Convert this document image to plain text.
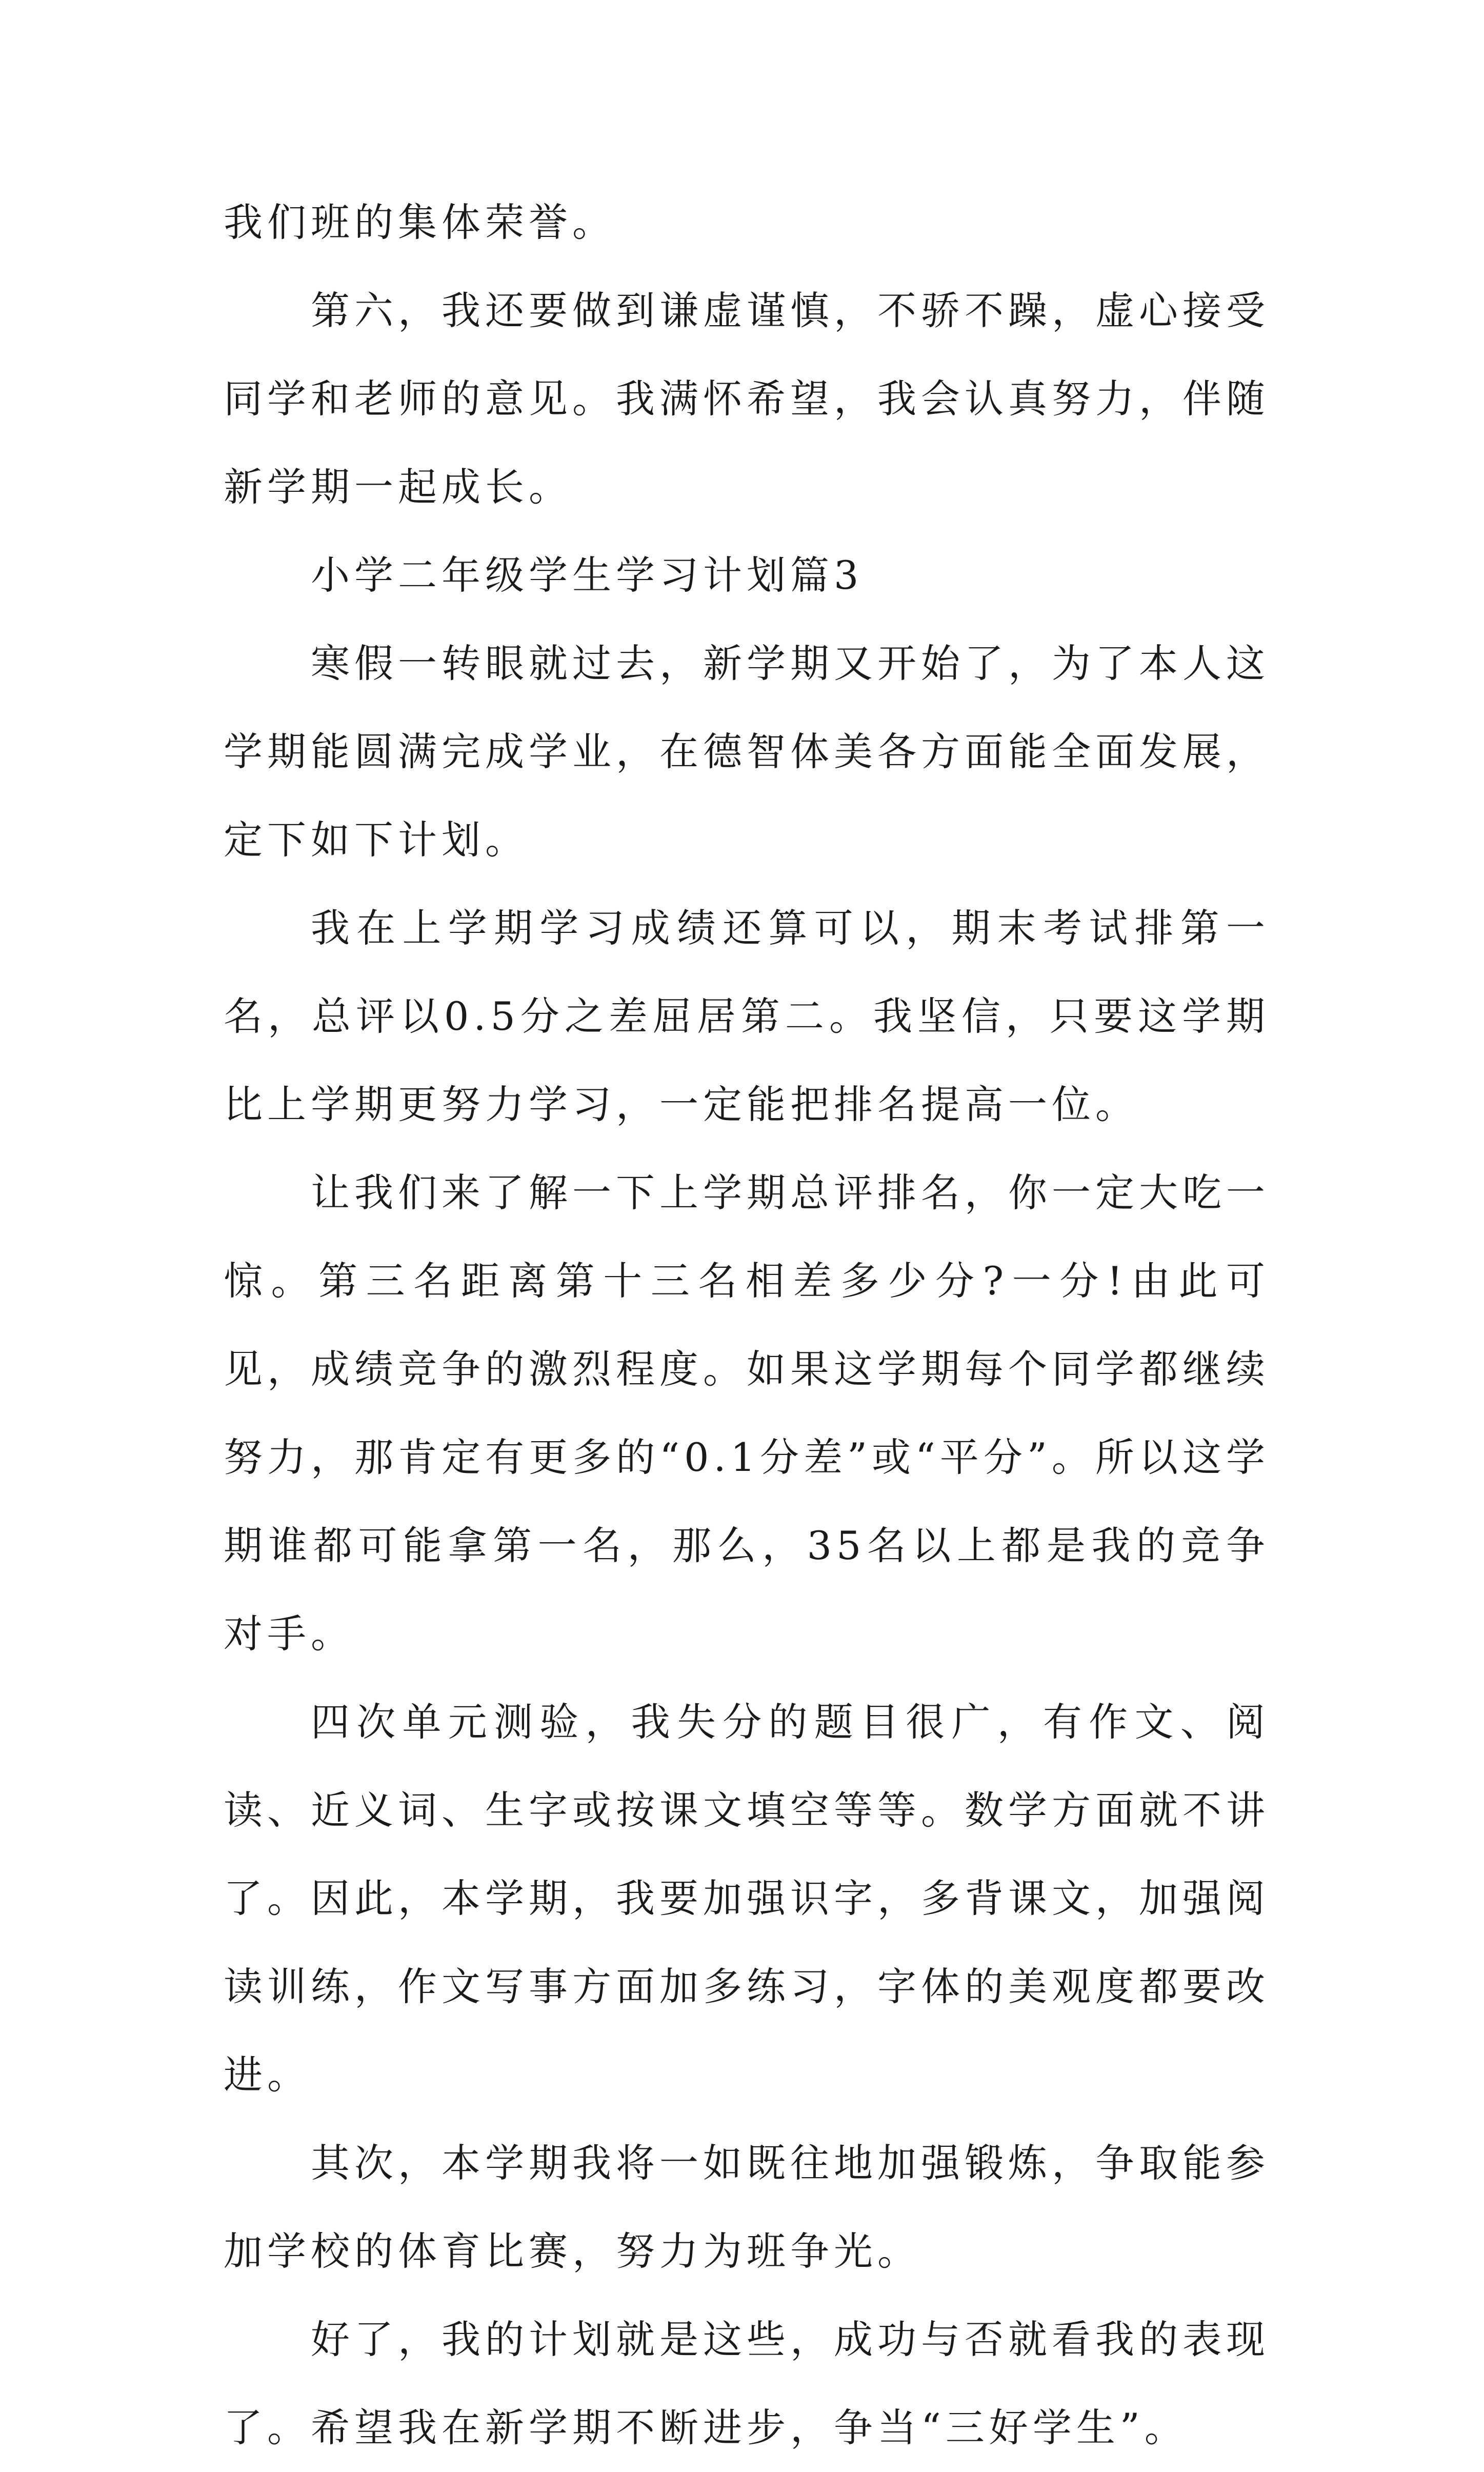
我们班的集体荣誉。

第六，我还要做到谦虚谨慎，不骄不躁，虚心接受同学和老师的意见。我满怀希望，我会认真努力，伴随新学期一起成长。

小学二年级学生学习计划篇3

寒假一转眼就过去，新学期又开始了，为了本人这学期能圆满完成学业，在德智体美各方面能全面发展，定下如下计划。

我在上学期学习成绩还算可以，期末考试排第一名，总评以0.5分之差屈居第二。我坚信，只要这学期比上学期更努力学习，一定能把排名提高一位。

让我们来了解一下上学期总评排名，你一定大吃一惊。第三名距离第十三名相差多少分?一分!由此可见，成绩竞争的激烈程度。如果这学期每个同学都继续努力，那肯定有更多的“0.1分差”或“平分”。所以这学期谁都可能拿第一名，那么，35名以上都是我的竞争对手。

四次单元测验，我失分的题目很广，有作文、阅读、近义词、生字或按课文填空等等。数学方面就不讲了。因此，本学期，我要加强识字，多背课文，加强阅读训练，作文写事方面加多练习，字体的美观度都要改进。

其次，本学期我将一如既往地加强锻炼，争取能参加学校的体育比赛，努力为班争光。

好了，我的计划就是这些，成功与否就看我的表现了。希望我在新学期不断进步，争当“三好学生”。
